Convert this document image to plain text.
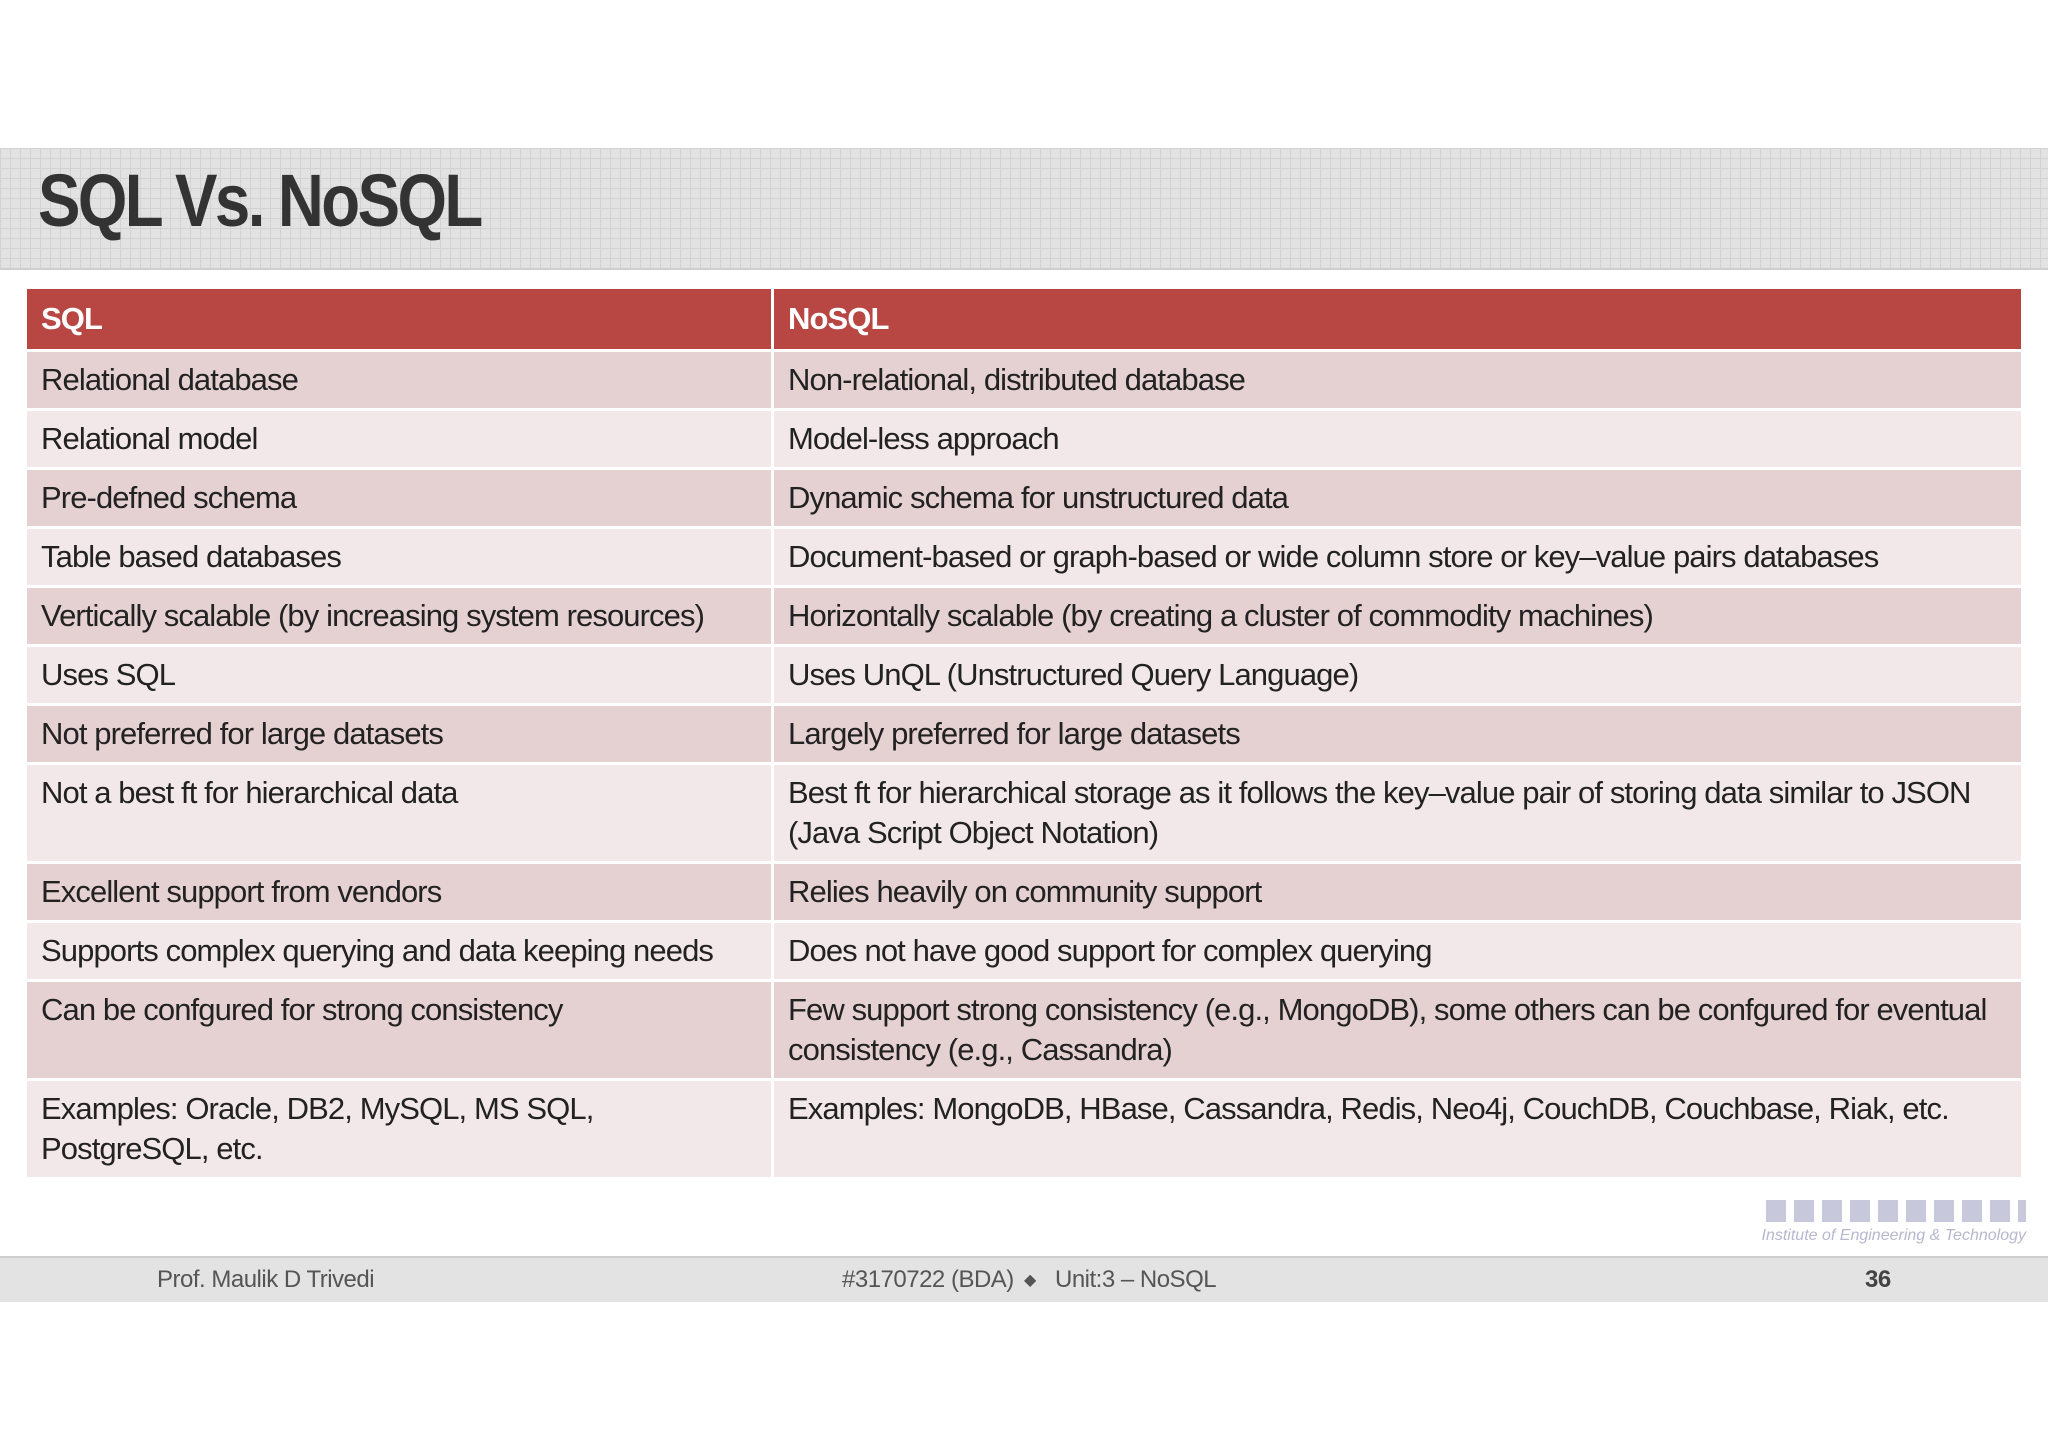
SQL Vs. NoSQL
Institute of Engineering & Technology
SQL	NoSQL
Relational database	Non-relational, distributed database
Relational model	Model-less approach
Pre-defned schema	Dynamic schema for unstructured data
Table based databases	Document-based or graph-based or wide column store or key–value pairs databases
Vertically scalable (by increasing system resources)	Horizontally scalable (by creating a cluster of commodity machines)
Uses SQL	Uses UnQL (Unstructured Query Language)
Not preferred for large datasets	Largely preferred for large datasets
Not a best ft for hierarchical data	Best ft for hierarchical storage as it follows the key–value pair of storing data similar to JSON (Java Script Object Notation)
Excellent support from vendors	Relies heavily on community support
Supports complex querying and data keeping needs	Does not have good support for complex querying
Can be confgured for strong consistency	Few support strong consistency (e.g., MongoDB), some others can be confgured for eventual consistency (e.g., Cassandra)
Examples: Oracle, DB2, MySQL, MS SQL, PostgreSQL, etc.	Examples: MongoDB, HBase, Cassandra, Redis, Neo4j, CouchDB, Couchbase, Riak, etc.
Prof. Maulik D Trivedi	#3170722 (BDA) ◆ Unit:3 – NoSQL	36
